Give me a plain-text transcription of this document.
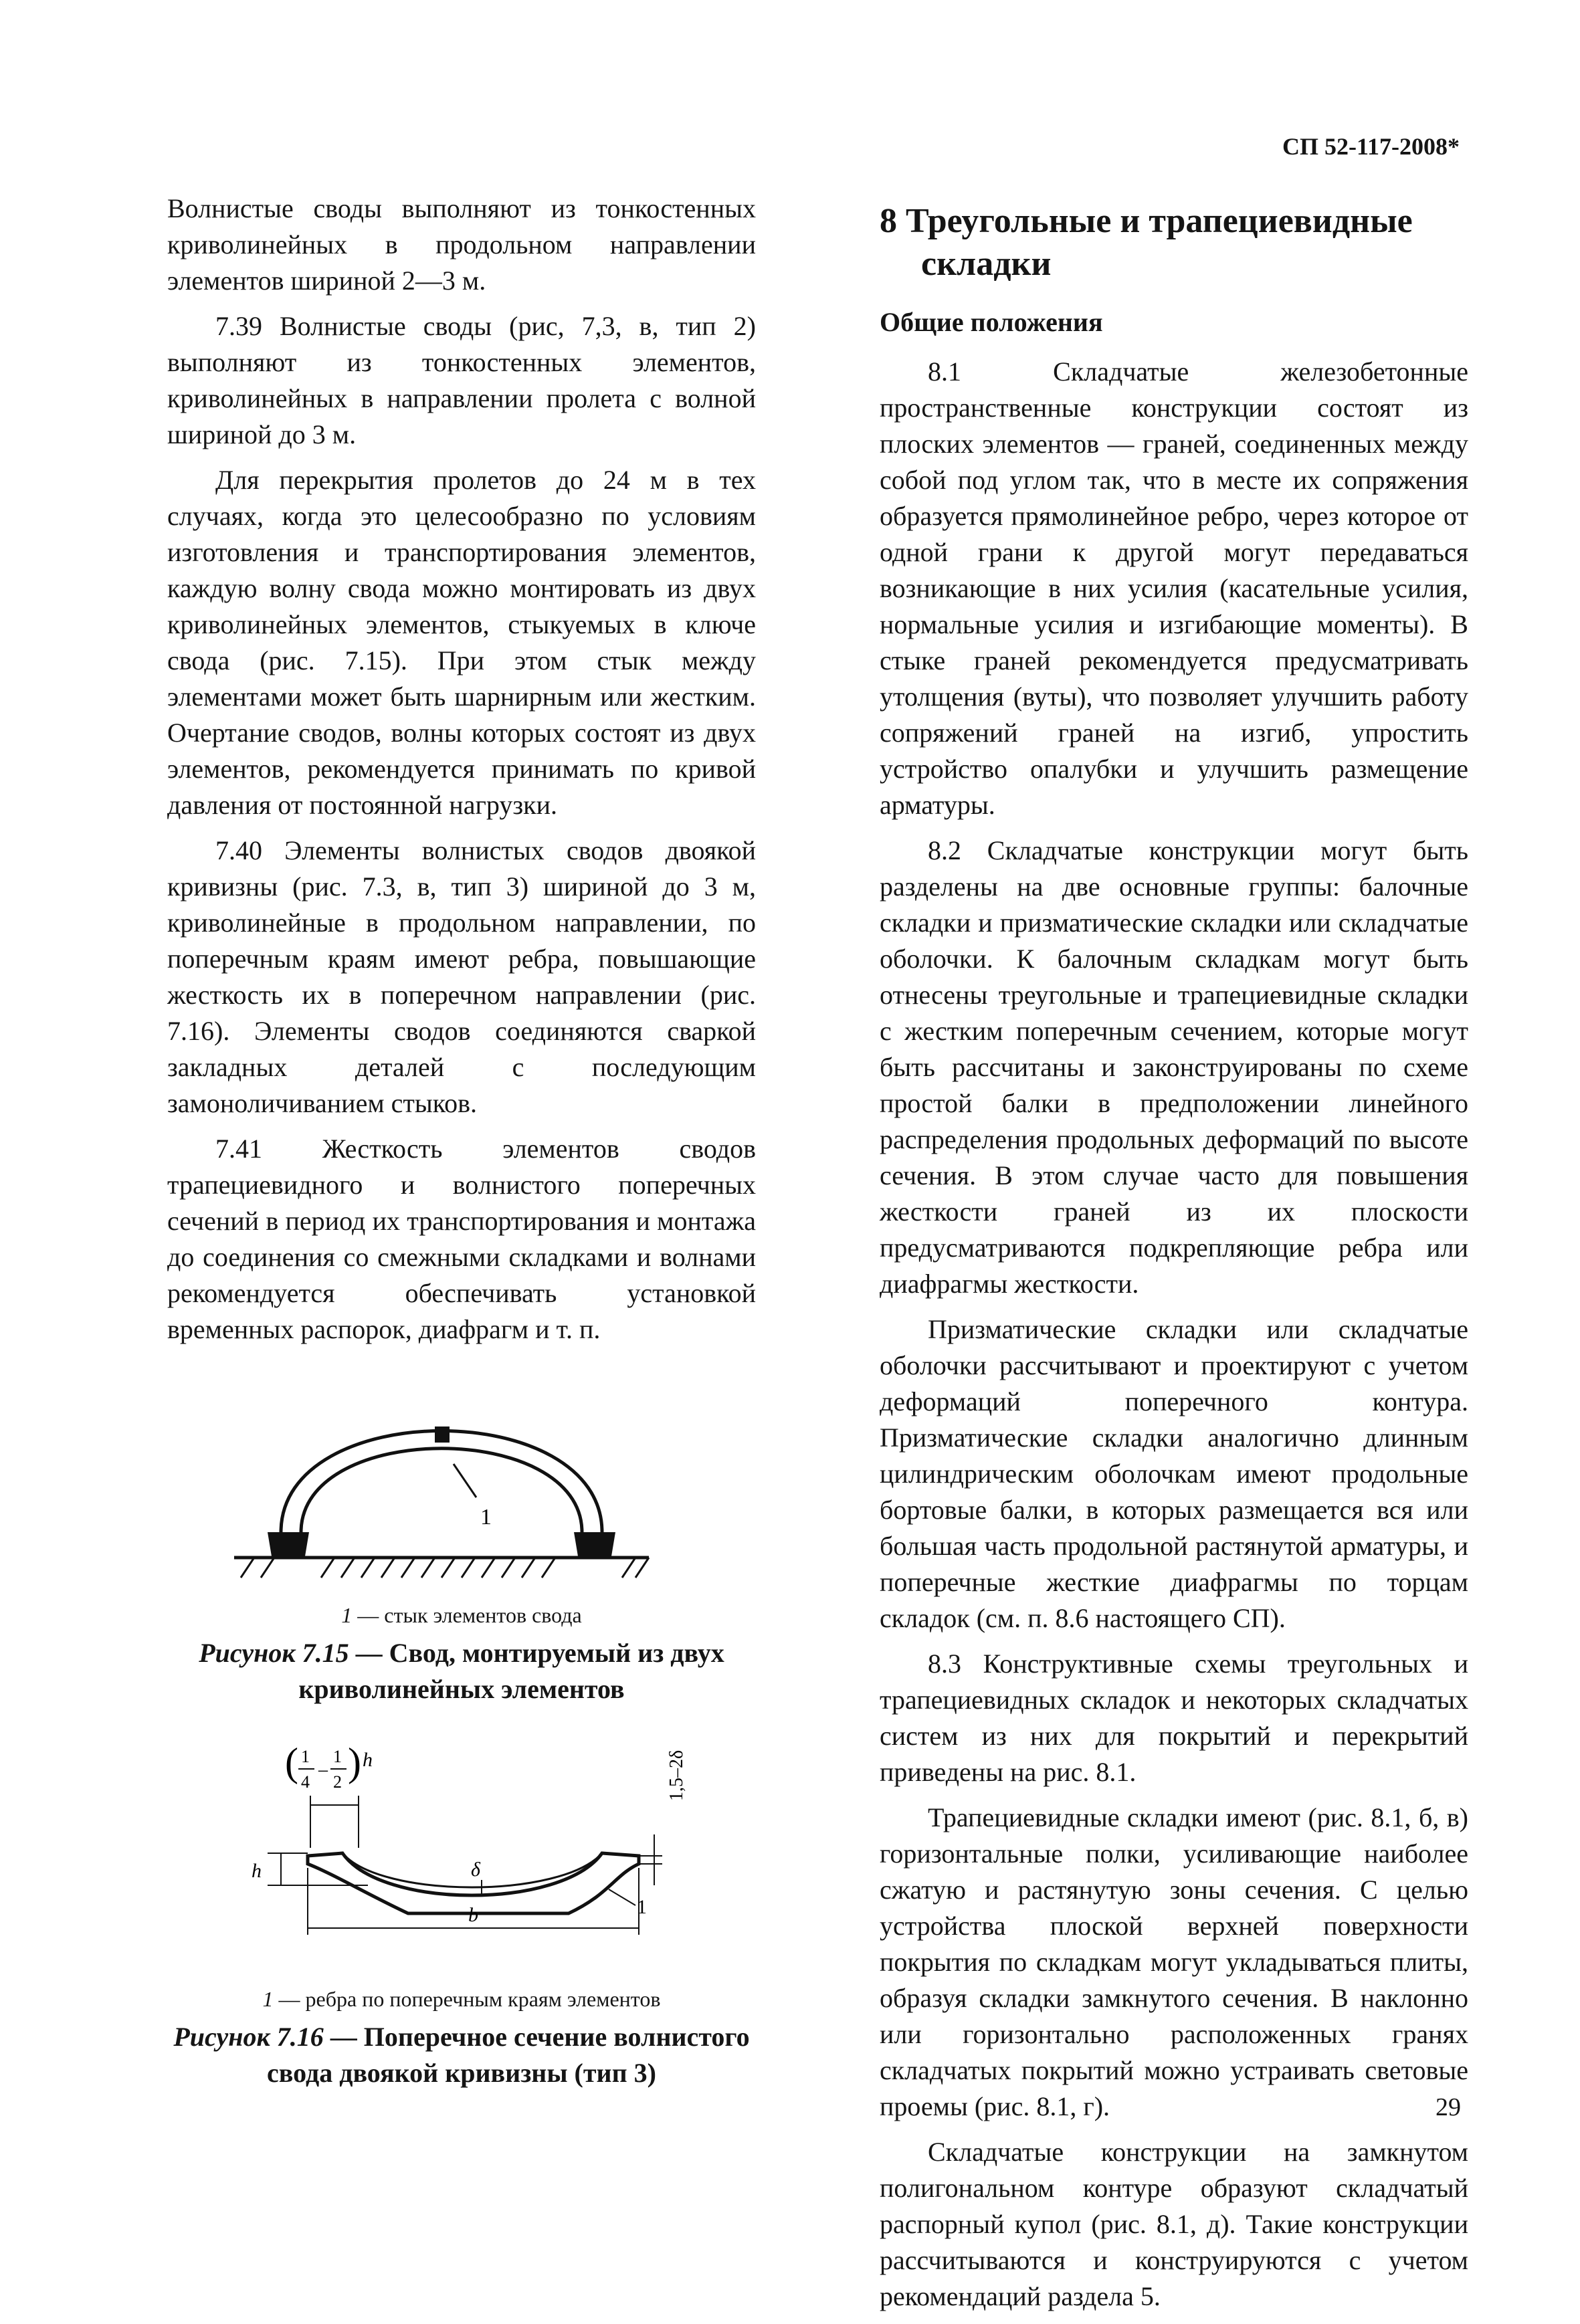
СП 52-117-2008*

Волнистые своды выполняют из тонкостенных криволинейных в продольном направлении элементов шириной 2—3 м.

7.39 Волнистые своды (рис, 7,3, в, тип 2) выполняют из тонкостенных элементов, криволинейных в направлении пролета с волной шириной до 3 м.

Для перекрытия пролетов до 24 м в тех случаях, когда это целесообразно по условиям изготовления и транспортирования элементов, каждую волну свода можно монтировать из двух криволинейных элементов, стыкуемых в ключе свода (рис. 7.15). При этом стык между элементами может быть шарнирным или жестким. Очертание сводов, волны которых состоят из двух элементов, рекомендуется принимать по кривой давления от постоянной нагрузки.

7.40 Элементы волнистых сводов двоякой кривизны (рис. 7.3, в, тип 3) шириной до 3 м, криволинейные в продольном направлении, по поперечным краям имеют ребра, повышающие жесткость их в поперечном направлении (рис. 7.16). Элементы сводов соединяются сваркой закладных деталей с последующим замоноличиванием стыков.

7.41 Жесткость элементов сводов трапециевидного и волнистого поперечных сечений в период их транспортирования и монтажа до соединения со смежными складками и волнами рекомендуется обеспечивать установкой временных распорок, диафрагм и т. п.

1
1 — стык элементов свода

Рисунок 7.15 — Свод, монтируемый из двух криволинейных элементов

( 1
4
–
1
2 ) h
δ
h
1,5–2δ
b	1
1 — ребра по поперечным краям элементов

Рисунок 7.16 — Поперечное сечение волнистого свода двоякой кривизны (тип 3)

8 Треугольные и трапециевидные складки
Общие положения

8.1 Складчатые железобетонные пространственные конструкции состоят из плоских элементов — граней, соединенных между собой под углом так, что в месте их сопряжения образуется прямолинейное ребро, через которое от одной грани к другой могут передаваться возникающие в них усилия (касательные усилия, нормальные усилия и изгибающие моменты). В стыке граней рекомендуется предусматривать утолщения (вуты), что позволяет улучшить работу сопряжений граней на изгиб, упростить устройство опалубки и улучшить размещение арматуры.

8.2 Складчатые конструкции могут быть разделены на две основные группы: балочные складки и призматические складки или складчатые оболочки. К балочным складкам могут быть отнесены треугольные и трапециевидные складки с жестким поперечным сечением, которые могут быть рассчитаны и законструированы по схеме простой балки в предположении линейного распределения продольных деформаций по высоте сечения. В этом случае часто для повышения жесткости граней из их плоскости предусматриваются подкрепляющие ребра или диафрагмы жесткости.

Призматические складки или складчатые оболочки рассчитывают и проектируют с учетом деформаций поперечного контура. Призматические складки аналогично длинным цилиндрическим оболочкам имеют продольные бортовые балки, в которых размещается вся или большая часть продольной растянутой арматуры, и поперечные жесткие диафрагмы по торцам складок (см. п. 8.6 настоящего СП).

8.3 Конструктивные схемы треугольных и трапециевидных складок и некоторых складчатых систем из них для покрытий и перекрытий приведены на рис. 8.1.

Трапециевидные складки имеют (рис. 8.1, б, в) горизонтальные полки, усиливающие наиболее сжатую и растянутую зоны сечения. С целью устройства плоской верхней поверхности покрытия по складкам могут укладываться плиты, образуя складки замкнутого сечения. В наклонно или горизонтально расположенных гранях складчатых покрытий можно устраивать световые проемы (рис. 8.1, г).

Складчатые конструкции на замкнутом полигональном контуре образуют складчатый распорный купол (рис. 8.1, д). Такие конструкции рассчитываются и конструируются с учетом рекомендаций раздела 5.

29
